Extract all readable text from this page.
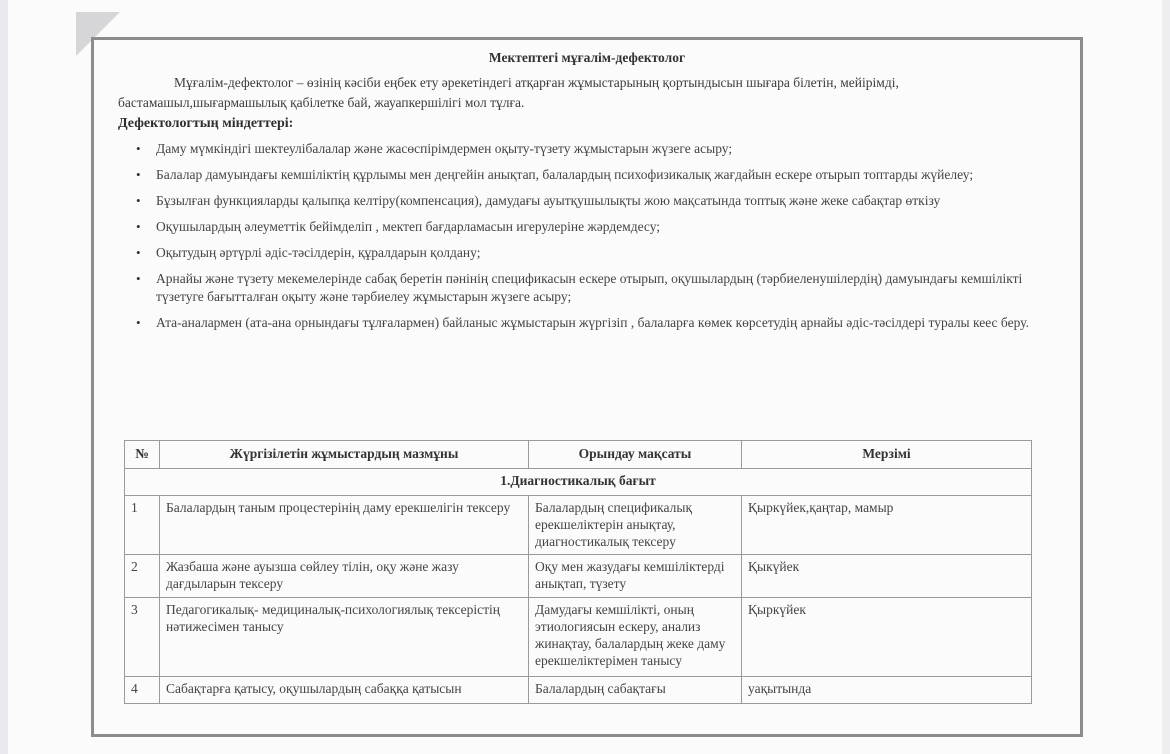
Мектептегі мұғалім-дефектолог
Мұғалім-дефектолог – өзінің кәсіби еңбек ету әрекетіндегі атқарған жұмыстарының қортындысын шығара білетін, мейірімді, бастамашыл,шығармашылық қабілетке бай, жауапкершілігі мол тұлға.
Дефектологтың міндеттері:
• Даму мүмкіндігі шектеулібалалар және жасөспірімдермен оқыту-түзету жұмыстарын жүзеге асыру;
• Балалар дамуындағы кемшіліктің құрлымы мен деңгейін анықтап, балалардың психофизикалық жағдайын ескере отырып топтарды жүйелеу;
• Бұзылған функцияларды қалыпқа келтіру(компенсация), дамудағы ауытқушылықты жою мақсатында топтық және жеке сабақтар өткізу
• Оқушылардың әлеуметтік бейімделіп , мектеп бағдарламасын игерулеріне жәрдемдесу;
• Оқытудың әртүрлі әдіс-тәсілдерін, құралдарын қолдану;
• Арнайы және түзету мекемелерінде сабақ беретін пәнінің спецификасын ескере отырып, оқушылардың (тәрбиеленушілердің) дамуындағы кемшілікті түзетуге бағытталған оқыту және тәрбиелеу жұмыстарын жүзеге асыру;
• Ата-аналармен (ата-ана орнындағы тұлғалармен) байланыс жұмыстарын жүргізіп , балаларға көмек көрсетудің арнайы әдіс-тәсілдері туралы кеес беру.
№	Жүргізілетін жұмыстардың мазмұны	Орындау мақсаты	Мерзімі
1.Диагностикалық бағыт			
1	Балалардың таным процестерінің даму ерекшелігін тексеру	Балалардың спецификалық ерекшеліктерін анықтау, диагностикалық тексеру	Қыркүйек,қаңтар, мамыр
2	Жазбаша және ауызша сөйлеу тілін, оқу және жазу дағдыларын тексеру	Оқу мен жазудағы кемшіліктерді анықтап, түзету	Қыкүйек
3	Педагогикалық- медициналық-психологиялық тексерістің нәтижесімен танысу	Дамудағы кемшілікті, оның этиологиясын ескеру, анализ жинақтау, балалардың жеке даму ерекшеліктерімен танысу	Қыркүйек
4	Сабақтарға қатысу, оқушылардың сабаққа қатысын	Балалардың сабақтағы	уақытында
